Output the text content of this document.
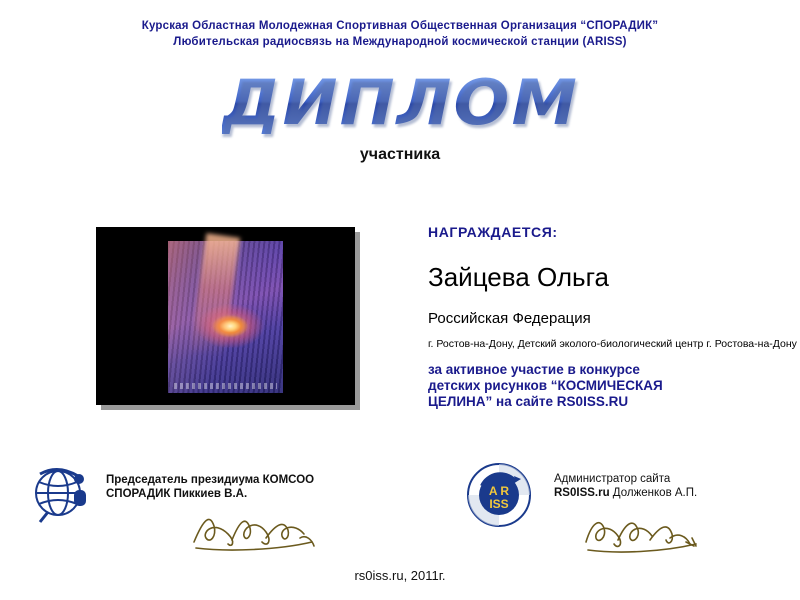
Курская Областная Молодежная Спортивная Общественная Организация “СПОРАДИК”
Любительская радиосвязь на Международной космической станции (ARISS)
ДИПЛОМ
участника
НАГРАЖДАЕТСЯ:
Зайцева Ольга
Российская Федерация
г. Ростов-на-Дону, Детский эколого-биологический центр г. Ростова-на-Дону
за активное участие в конкурсе
детских рисунков “КОСМИЧЕСКАЯ
ЦЕЛИНА” на сайте RS0ISS.RU
Председатель президиума КОМСОО
СПОРАДИК Пиккиев В.А.	A R
ISS
Администратор сайта
RS0ISS.ru Долженков А.П.
rs0iss.ru, 2011г.
